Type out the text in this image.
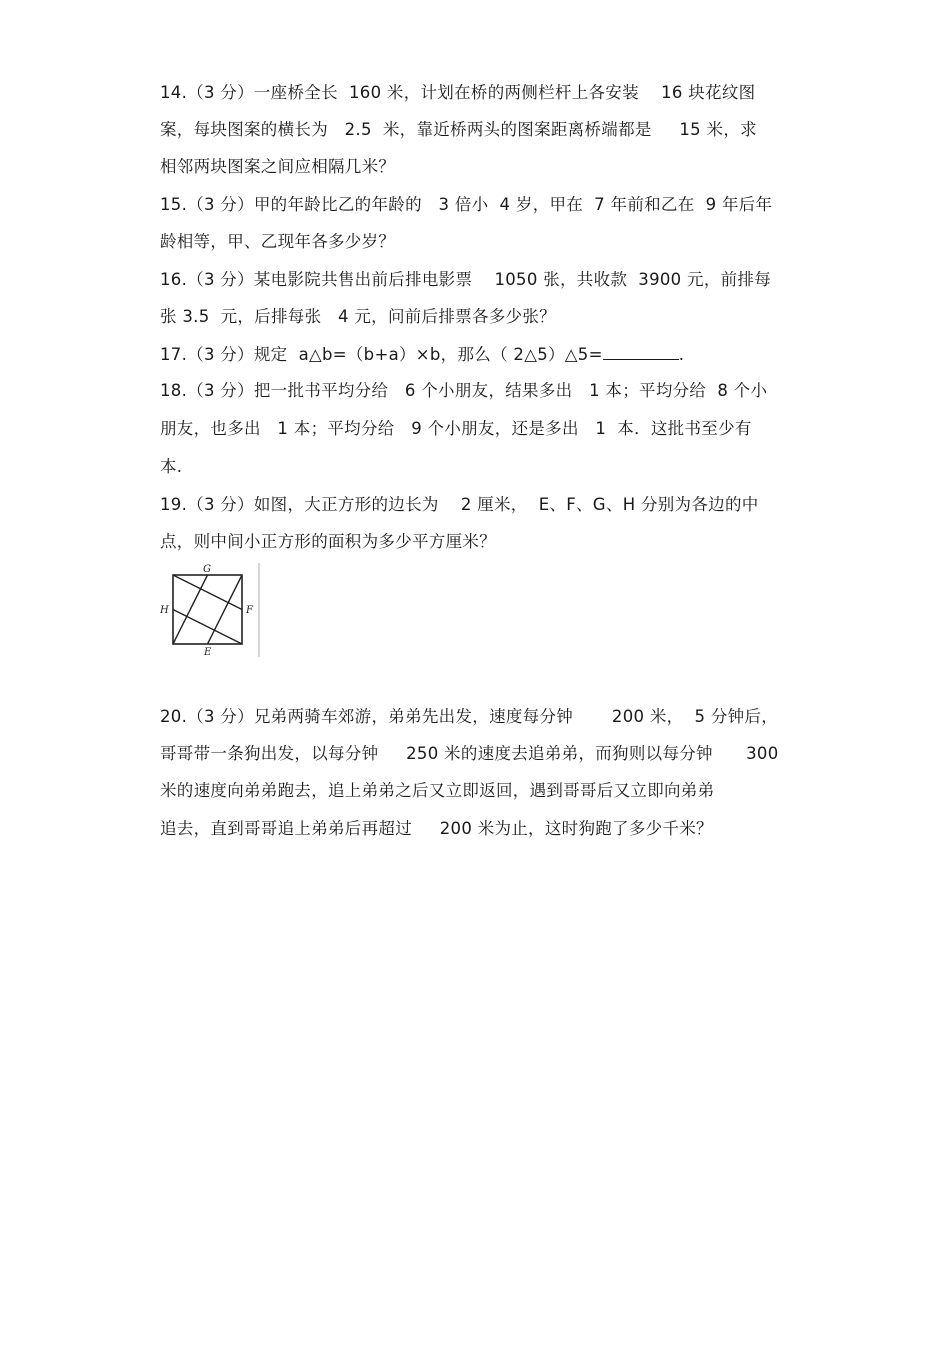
14.（3 分）一座桥全长  160 米，计划在桥的两侧栏杆上各安装    16 块花纹图
案，每块图案的横长为   2.5  米，靠近桥两头的图案距离桥端都是     15 米，求
相邻两块图案之间应相隔几米？
15.（3 分）甲的年龄比乙的年龄的   3 倍小  4 岁，甲在  7 年前和乙在  9 年后年
龄相等，甲、乙现年各多少岁？
16.（3 分）某电影院共售出前后排电影票    1050 张，共收款  3900 元，前排每
张 3.5  元，后排每张   4 元，问前后排票各多少张？
17.（3 分）规定  a△b=（b+a）×b，那么（ 2△5）△5=	.
18.（3 分）把一批书平均分给   6 个小朋友，结果多出   1 本；平均分给  8 个小
朋友，也多出   1 本；平均分给   9 个小朋友，还是多出   1  本．这批书至少有
本.
19.（3 分）如图，大正方形的边长为    2 厘米，  E、F、G、H 分别为各边的中
点，则中间小正方形的面积为多少平方厘米？
G
F
E
H
20.（3 分）兄弟两骑车郊游，弟弟先出发，速度每分钟       200 米，  5 分钟后，
哥哥带一条狗出发，以每分钟     250 米的速度去追弟弟，而狗则以每分钟      300
米的速度向弟弟跑去，追上弟弟之后又立即返回，遇到哥哥后又立即向弟弟
追去，直到哥哥追上弟弟后再超过     200 米为止，这时狗跑了多少千米？
